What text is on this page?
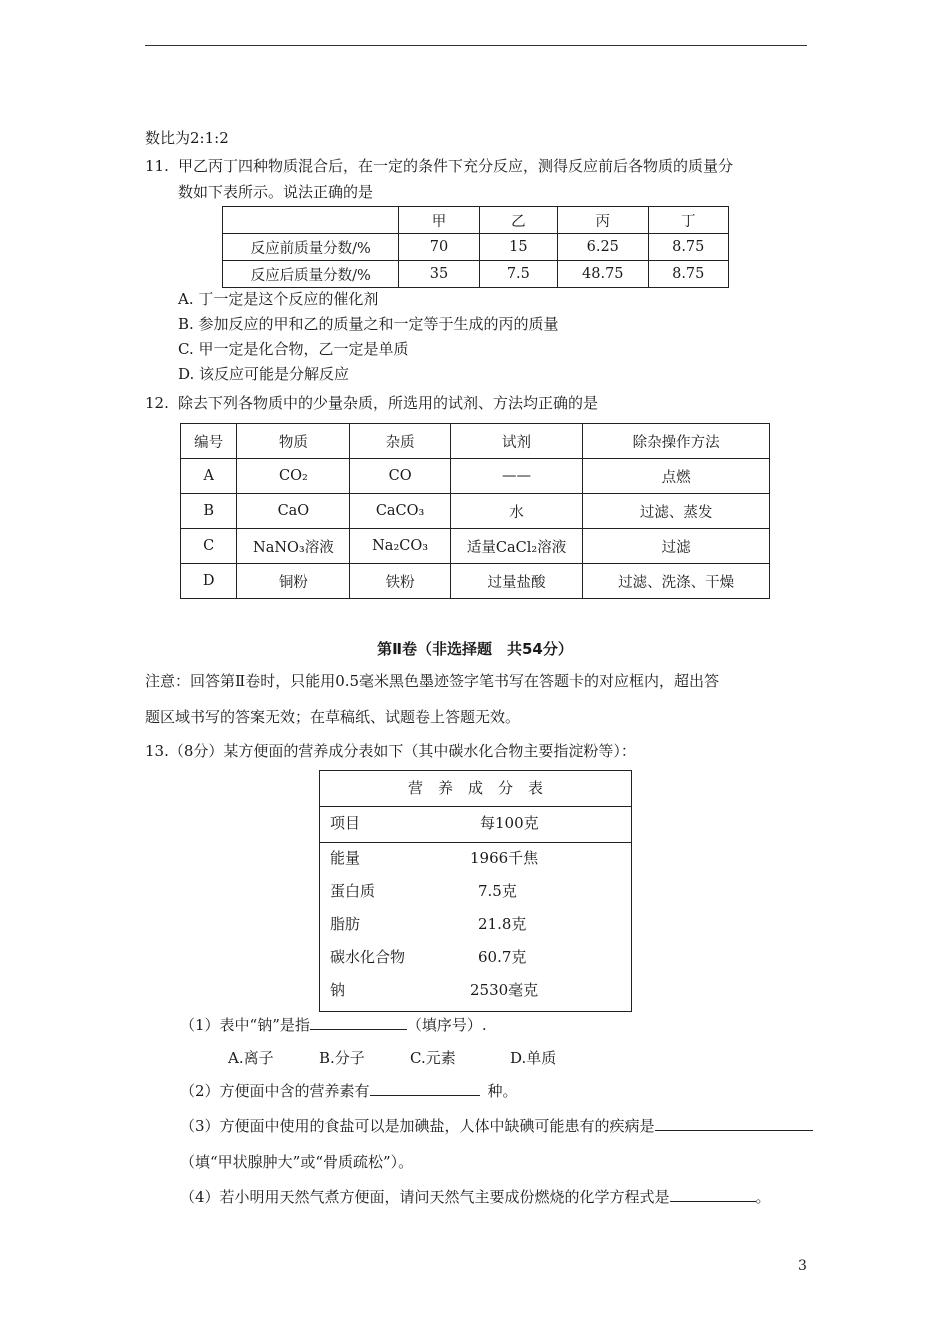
数比为2:1:2
11. 甲乙丙丁四种物质混合后，在一定的条件下充分反应，测得反应前后各物质的质量分
数如下表所示。说法正确的是
	甲	乙	丙	丁
反应前质量分数/%	70	15	6.25	8.75
反应后质量分数/%	35	7.5	48.75	8.75
A. 丁一定是这个反应的催化剂
B. 参加反应的甲和乙的质量之和一定等于生成的丙的质量
C. 甲一定是化合物，乙一定是单质
D. 该反应可能是分解反应
12. 除去下列各物质中的少量杂质，所选用的试剂、方法均正确的是
编号	物质	杂质	试剂	除杂操作方法
A	CO₂	CO	——	点燃
B	CaO	CaCO₃	水	过滤、蒸发
C	NaNO₃溶液	Na₂CO₃	适量CaCl₂溶液	过滤
D	铜粉	铁粉	过量盐酸	过滤、洗涤、干燥
第Ⅱ卷（非选择题　共54分）
注意：回答第Ⅱ卷时，只能用0.5毫米黑色墨迹签字笔书写在答题卡的对应框内，超出答
题区域书写的答案无效；在草稿纸、试题卷上答题无效。
13.（8分）某方便面的营养成分表如下（其中碳水化合物主要指淀粉等）：
营　养　成　分　表
项目	每100克
能量	1966千焦
蛋白质	7.5克
脂肪	21.8克
碳水化合物	60.7克
钠	2530毫克
（1）表中“钠”是指	（填序号）.
A.离子	B.分子	C.元素	D.单质
（2）方便面中含的营养素有	种。
（3）方便面中使用的食盐可以是加碘盐，人体中缺碘可能患有的疾病是
（填“甲状腺肿大”或“骨质疏松”）。
（4）若小明用天然气煮方便面，请问天然气主要成份燃烧的化学方程式是	。
3
